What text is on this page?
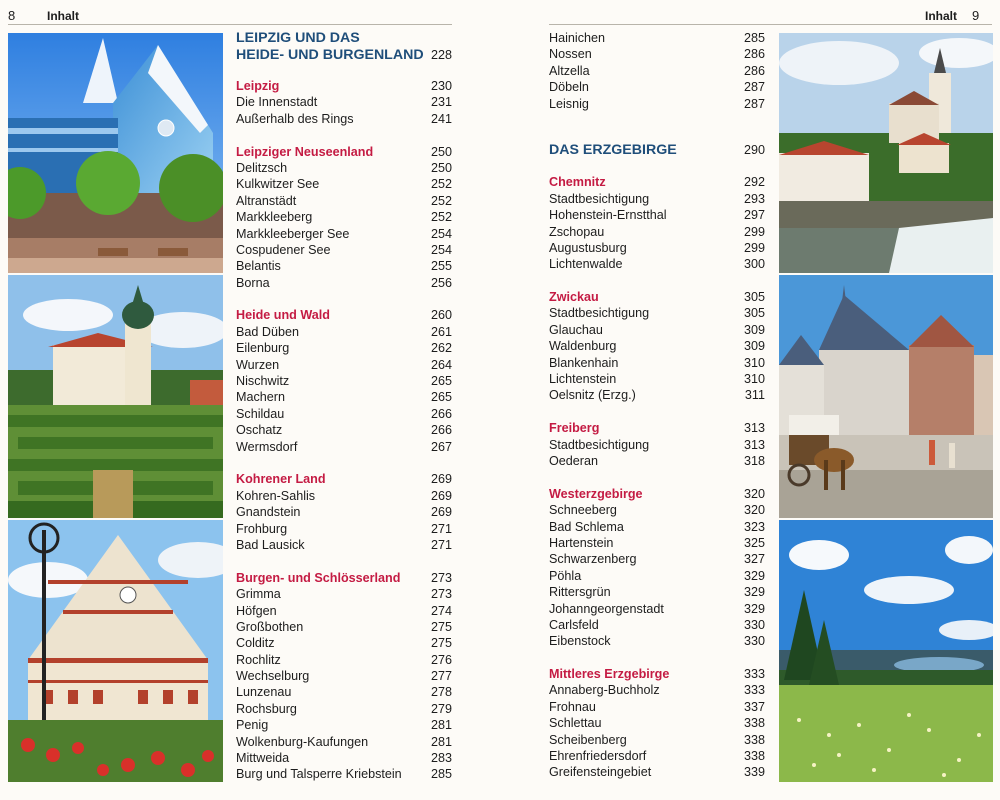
8	Inhalt	Inhalt 9
LEIPZIG UND DAS
HEIDE- UND BURGENLAND 228
Leipzig	230
Die Innenstadt	231
Außerhalb des Rings	241
Leipziger Neuseenland	250
Delitzsch	250
Kulkwitzer See	252
Altranstädt	252
Markkleeberg	252
Markkleeberger See	254
Cospudener See	254
Belantis	255
Borna	256
Heide und Wald	260
Bad Düben	261
Eilenburg	262
Wurzen	264
Nischwitz	265
Machern	265
Schildau	266
Oschatz	266
Wermsdorf	267
Kohrener Land	269
Kohren-Sahlis	269
Gnandstein	269
Frohburg	271
Bad Lausick	271
Burgen- und Schlösserland 273
Grimma	273
Höfgen	274
Großbothen	275
Colditz	275
Rochlitz	276
Wechselburg	277
Lunzenau	278
Rochsburg	279
Penig	281
Wolkenburg-Kaufungen	281
Mittweida	283
Burg und Talsperre Kriebstein 285
Hainichen	285
Nossen	286
Altzella	286
Döbeln	287
Leisnig	287
DAS ERZGEBIRGE	290
Chemnitz	292
Stadtbesichtigung	293
Hohenstein-Ernstthal	297
Zschopau	299
Augustusburg	299
Lichtenwalde	300
Zwickau	305
Stadtbesichtigung	305
Glauchau	309
Waldenburg	309
Blankenhain	310
Lichtenstein	310
Oelsnitz (Erzg.)	311
Freiberg	313
Stadtbesichtigung	313
Oederan	318
Westerzgebirge	320
Schneeberg	320
Bad Schlema	323
Hartenstein	325
Schwarzenberg	327
Pöhla	329
Rittersgrün	329
Johanngeorgenstadt	329
Carlsfeld	330
Eibenstock	330
Mittleres Erzgebirge	333
Annaberg-Buchholz	333
Frohnau	337
Schlettau	338
Scheibenberg	338
Ehrenfriedersdorf	338
Greifensteingebiet	339
